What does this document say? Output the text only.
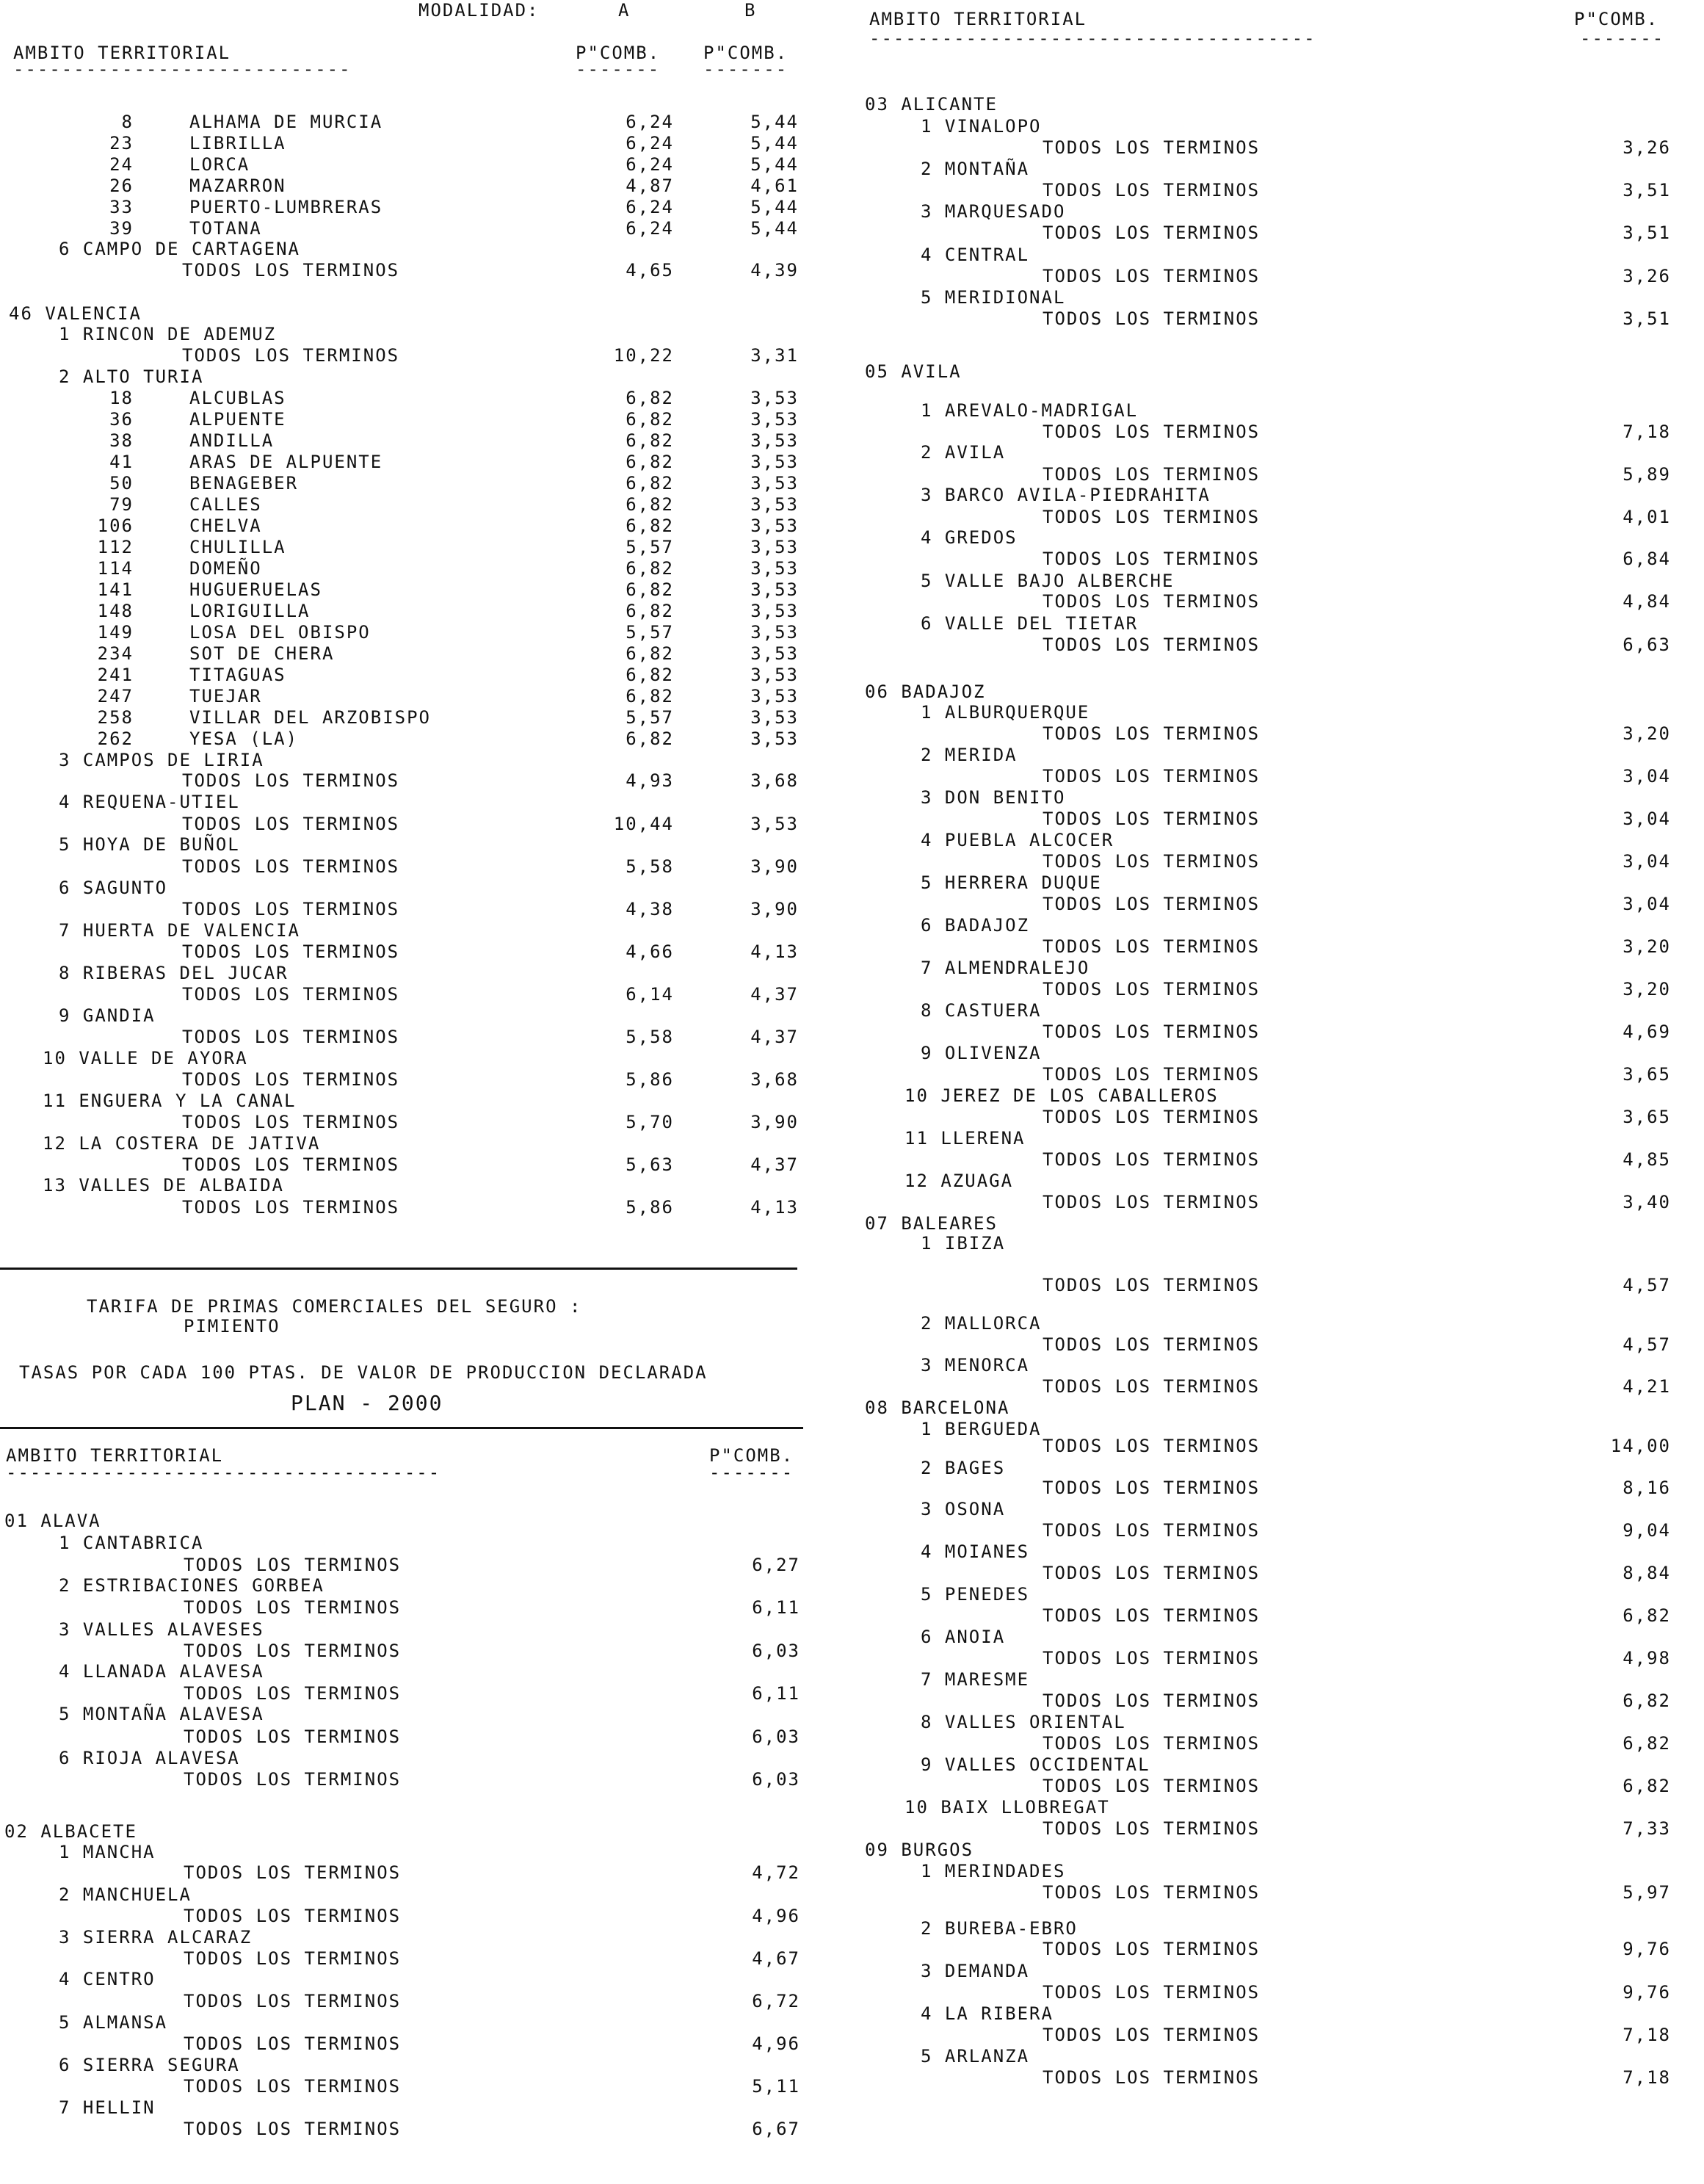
MODALIDAD:	A	B
AMBITO TERRITORIAL	P"COMB. P"COMB.
----------------------------	------- -------
8	ALHAMA DE MURCIA	6,24	5,44
23	LIBRILLA	6,24	5,44
24	LORCA	6,24	5,44
26	MAZARRON	4,87	4,61
33	PUERTO-LUMBRERAS	6,24	5,44
39	TOTANA	6,24	5,44
6 CAMPO DE CARTAGENA
TODOS LOS TERMINOS	4,65	4,39
46 VALENCIA
1 RINCON DE ADEMUZ
TODOS LOS TERMINOS	10,22	3,31
2 ALTO TURIA
18	ALCUBLAS	6,82	3,53
36	ALPUENTE	6,82	3,53
38	ANDILLA	6,82	3,53
41	ARAS DE ALPUENTE	6,82	3,53
50	BENAGEBER	6,82	3,53
79	CALLES	6,82	3,53
106	CHELVA	6,82	3,53
112	CHULILLA	5,57	3,53
114	DOMEÑO	6,82	3,53
141	HUGUERUELAS	6,82	3,53
148	LORIGUILLA	6,82	3,53
149	LOSA DEL OBISPO	5,57	3,53
234	SOT DE CHERA	6,82	3,53
241	TITAGUAS	6,82	3,53
247	TUEJAR	6,82	3,53
258	VILLAR DEL ARZOBISPO	5,57	3,53
262	YESA (LA)	6,82	3,53
3 CAMPOS DE LIRIA
TODOS LOS TERMINOS	4,93	3,68
4 REQUENA-UTIEL
TODOS LOS TERMINOS	10,44	3,53
5 HOYA DE BUÑOL
TODOS LOS TERMINOS	5,58	3,90
6 SAGUNTO
TODOS LOS TERMINOS	4,38	3,90
7 HUERTA DE VALENCIA
TODOS LOS TERMINOS	4,66	4,13
8 RIBERAS DEL JUCAR
TODOS LOS TERMINOS	6,14	4,37
9 GANDIA
TODOS LOS TERMINOS	5,58	4,37
10 VALLE DE AYORA
TODOS LOS TERMINOS	5,86	3,68
11 ENGUERA Y LA CANAL
TODOS LOS TERMINOS	5,70	3,90
12 LA COSTERA DE JATIVA
TODOS LOS TERMINOS	5,63	4,37
13 VALLES DE ALBAIDA
TODOS LOS TERMINOS	5,86	4,13
TARIFA DE PRIMAS COMERCIALES DEL SEGURO :
PIMIENTO
TASAS POR CADA 100 PTAS. DE VALOR DE PRODUCCION DECLARADA
PLAN - 2000
AMBITO TERRITORIAL	P"COMB.
------------------------------------	-------
01 ALAVA
1 CANTABRICA
TODOS LOS TERMINOS	6,27
2 ESTRIBACIONES GORBEA
TODOS LOS TERMINOS	6,11
3 VALLES ALAVESES
TODOS LOS TERMINOS	6,03
4 LLANADA ALAVESA
TODOS LOS TERMINOS	6,11
5 MONTAÑA ALAVESA
TODOS LOS TERMINOS	6,03
6 RIOJA ALAVESA
TODOS LOS TERMINOS	6,03
02 ALBACETE
1 MANCHA
TODOS LOS TERMINOS	4,72
2 MANCHUELA
TODOS LOS TERMINOS	4,96
3 SIERRA ALCARAZ
TODOS LOS TERMINOS	4,67
4 CENTRO
TODOS LOS TERMINOS	6,72
5 ALMANSA
TODOS LOS TERMINOS	4,96
6 SIERRA SEGURA
TODOS LOS TERMINOS	5,11
7 HELLIN
TODOS LOS TERMINOS	6,67
AMBITO TERRITORIAL	P"COMB.
-------------------------------------	-------
03 ALICANTE
1 VINALOPO
TODOS LOS TERMINOS	3,26
2 MONTAÑA
TODOS LOS TERMINOS	3,51
3 MARQUESADO
TODOS LOS TERMINOS	3,51
4 CENTRAL
TODOS LOS TERMINOS	3,26
5 MERIDIONAL
TODOS LOS TERMINOS	3,51
05 AVILA
1 AREVALO-MADRIGAL
TODOS LOS TERMINOS	7,18
2 AVILA
TODOS LOS TERMINOS	5,89
3 BARCO AVILA-PIEDRAHITA
TODOS LOS TERMINOS	4,01
4 GREDOS
TODOS LOS TERMINOS	6,84
5 VALLE BAJO ALBERCHE
TODOS LOS TERMINOS	4,84
6 VALLE DEL TIETAR
TODOS LOS TERMINOS	6,63
06 BADAJOZ
1 ALBURQUERQUE
TODOS LOS TERMINOS	3,20
2 MERIDA
TODOS LOS TERMINOS	3,04
3 DON BENITO
TODOS LOS TERMINOS	3,04
4 PUEBLA ALCOCER
TODOS LOS TERMINOS	3,04
5 HERRERA DUQUE
TODOS LOS TERMINOS	3,04
6 BADAJOZ
TODOS LOS TERMINOS	3,20
7 ALMENDRALEJO
TODOS LOS TERMINOS	3,20
8 CASTUERA
TODOS LOS TERMINOS	4,69
9 OLIVENZA
TODOS LOS TERMINOS	3,65
10 JEREZ DE LOS CABALLEROS
TODOS LOS TERMINOS	3,65
11 LLERENA
TODOS LOS TERMINOS	4,85
12 AZUAGA
TODOS LOS TERMINOS	3,40
07 BALEARES
1 IBIZA
TODOS LOS TERMINOS	4,57
2 MALLORCA
TODOS LOS TERMINOS	4,57
3 MENORCA
TODOS LOS TERMINOS	4,21
08 BARCELONA
1 BERGUEDA
TODOS LOS TERMINOS	14,00
2 BAGES
TODOS LOS TERMINOS	8,16
3 OSONA
TODOS LOS TERMINOS	9,04
4 MOIANES
TODOS LOS TERMINOS	8,84
5 PENEDES
TODOS LOS TERMINOS	6,82
6 ANOIA
TODOS LOS TERMINOS	4,98
7 MARESME
TODOS LOS TERMINOS	6,82
8 VALLES ORIENTAL
TODOS LOS TERMINOS	6,82
9 VALLES OCCIDENTAL
TODOS LOS TERMINOS	6,82
10 BAIX LLOBREGAT
TODOS LOS TERMINOS	7,33
09 BURGOS
1 MERINDADES
TODOS LOS TERMINOS	5,97
2 BUREBA-EBRO
TODOS LOS TERMINOS	9,76
3 DEMANDA
TODOS LOS TERMINOS	9,76
4 LA RIBERA
TODOS LOS TERMINOS	7,18
5 ARLANZA
TODOS LOS TERMINOS	7,18
